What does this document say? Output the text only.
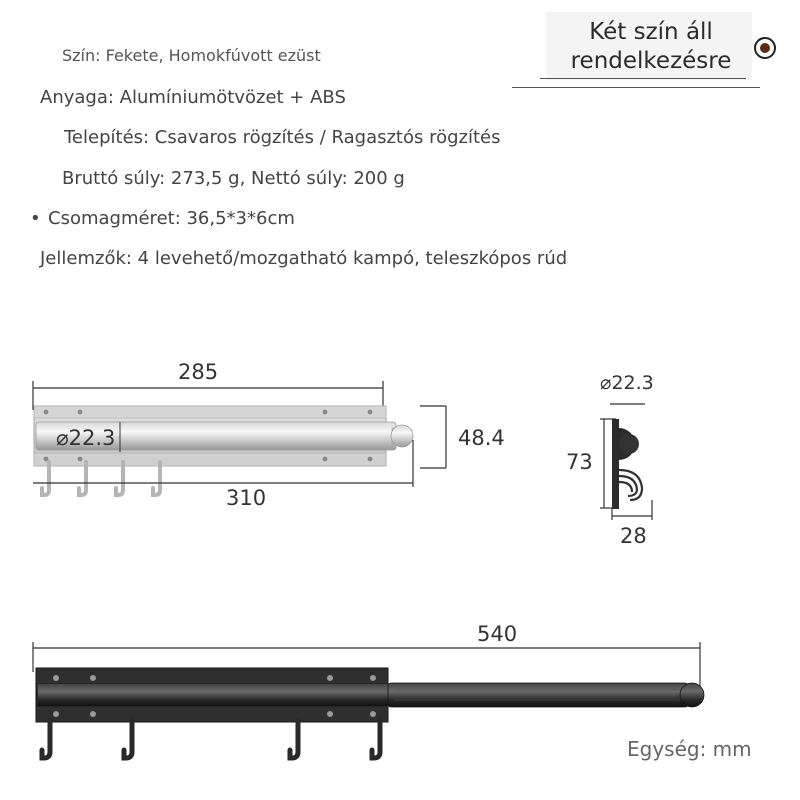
Szín: Fekete, Homokfúvott ezüst
Anyaga: Alumíniumötvözet + ABS
Telepítés: Csavaros rögzítés / Ragasztós rögzítés
Bruttó súly: 273,5 g, Nettó súly: 200 g
• Csomagméret: 36,5*3*6cm
Jellemzők: 4 levehető/mozgatható kampó, teleszkópos rúd
Két szín áll
rendelkezésre
285
⌀22.3	48.4
310
⌀22.3
73
28
540
Egység: mm
